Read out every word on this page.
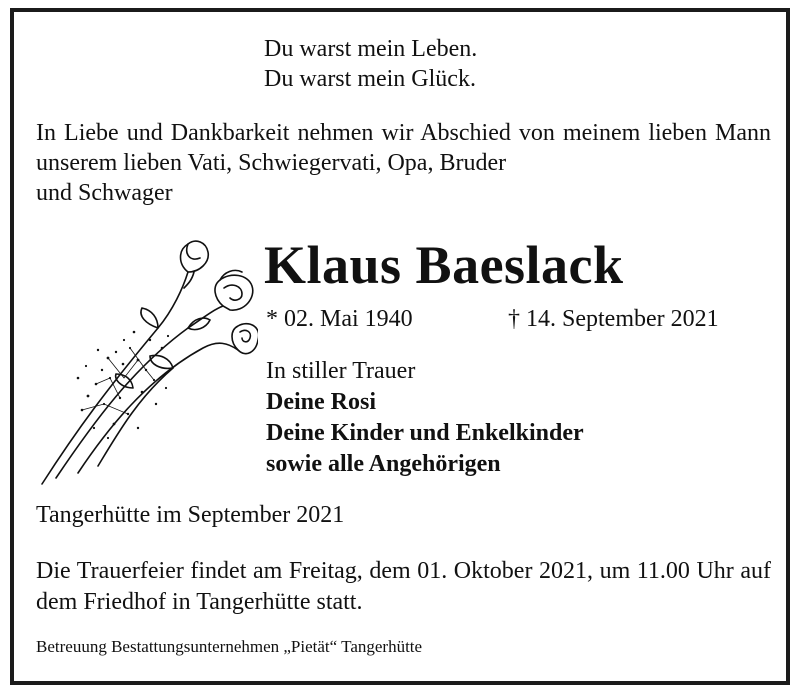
Du warst mein Leben.
Du warst mein Glück.
In Liebe und Dankbarkeit nehmen wir Abschied von meinem lieben Mann unserem lieben Vati, Schwiegervati, Opa, Bruder
und Schwager
Klaus Baeslack
* 02. Mai 1940	† 14. September 2021
In stiller Trauer
Deine Rosi
Deine Kinder und Enkelkinder
sowie alle Angehörigen
Tangerhütte im September 2021
Die Trauerfeier findet am Freitag, dem 01. Oktober 2021, um 11.00 Uhr auf dem Friedhof in Tangerhütte statt.
Betreuung Bestattungsunternehmen „Pietät“ Tangerhütte
